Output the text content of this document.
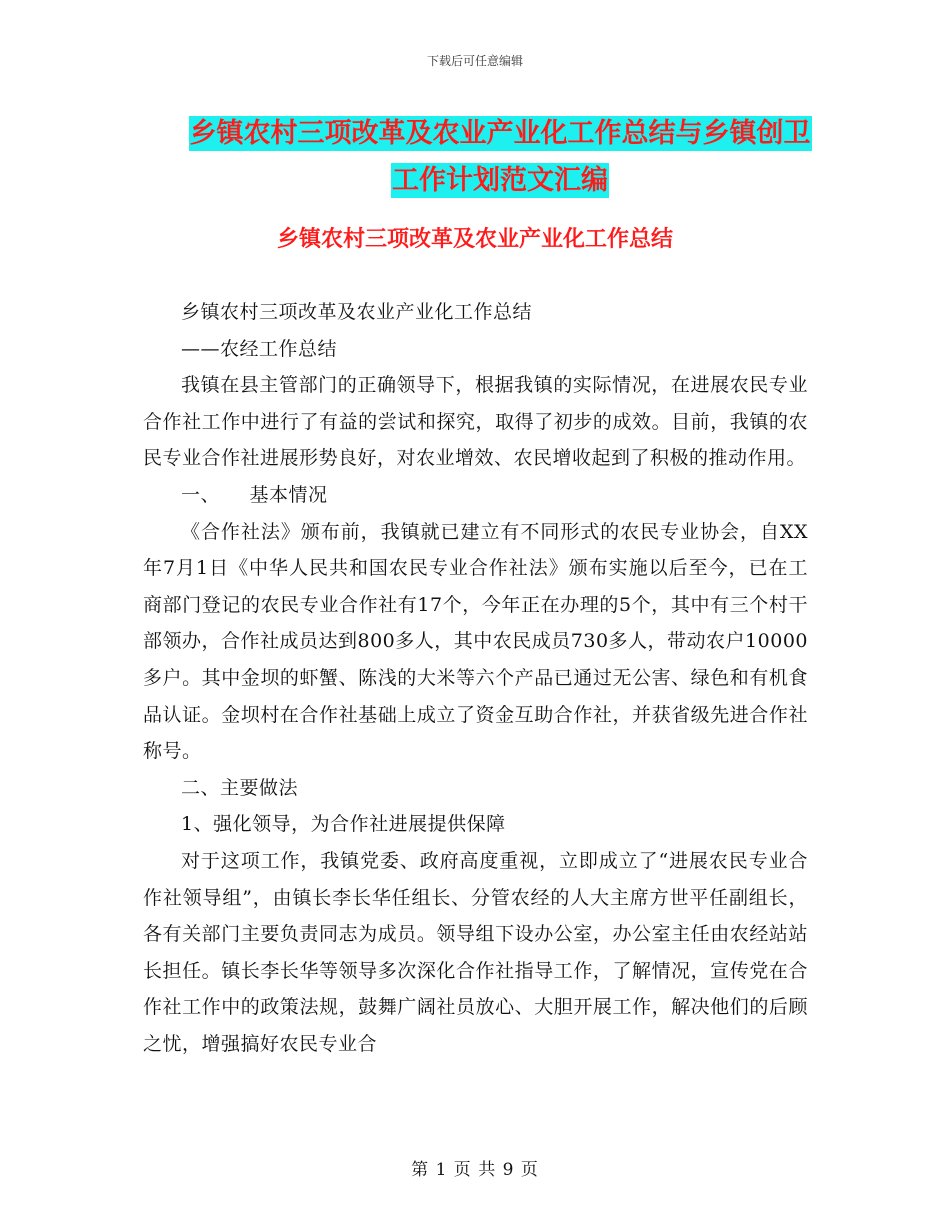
下载后可任意编辑
乡镇农村三项改革及农业产业化工作总结与乡镇创卫
工作计划范文汇编
乡镇农村三项改革及农业产业化工作总结

乡镇农村三项改革及农业产业化工作总结

——农经工作总结

我镇在县主管部门的正确领导下，根据我镇的实际情况，在进展农民专业合作社工作中进行了有益的尝试和探究，取得了初步的成效。目前，我镇的农民专业合作社进展形势良好，对农业增效、农民增收起到了积极的推动作用。

一、　　基本情况

《合作社法》颁布前，我镇就已建立有不同形式的农民专业协会，自XX年7月1日《中华人民共和国农民专业合作社法》颁布实施以后至今，已在工商部门登记的农民专业合作社有17个，今年正在办理的5个，其中有三个村干部领办，合作社成员达到800多人，其中农民成员730多人，带动农户10000多户。其中金坝的虾蟹、陈浅的大米等六个产品已通过无公害、绿色和有机食品认证。金坝村在合作社基础上成立了资金互助合作社，并获省级先进合作社称号。

二、主要做法

1、强化领导，为合作社进展提供保障

对于这项工作，我镇党委、政府高度重视，立即成立了“进展农民专业合作社领导组”，由镇长李长华任组长、分管农经的人大主席方世平任副组长，各有关部门主要负责同志为成员。领导组下设办公室，办公室主任由农经站站长担任。镇长李长华等领导多次深化合作社指导工作，了解情况，宣传党在合作社工作中的政策法规，鼓舞广阔社员放心、大胆开展工作，解决他们的后顾之忧，增强搞好农民专业合

第 1 页 共 9 页
